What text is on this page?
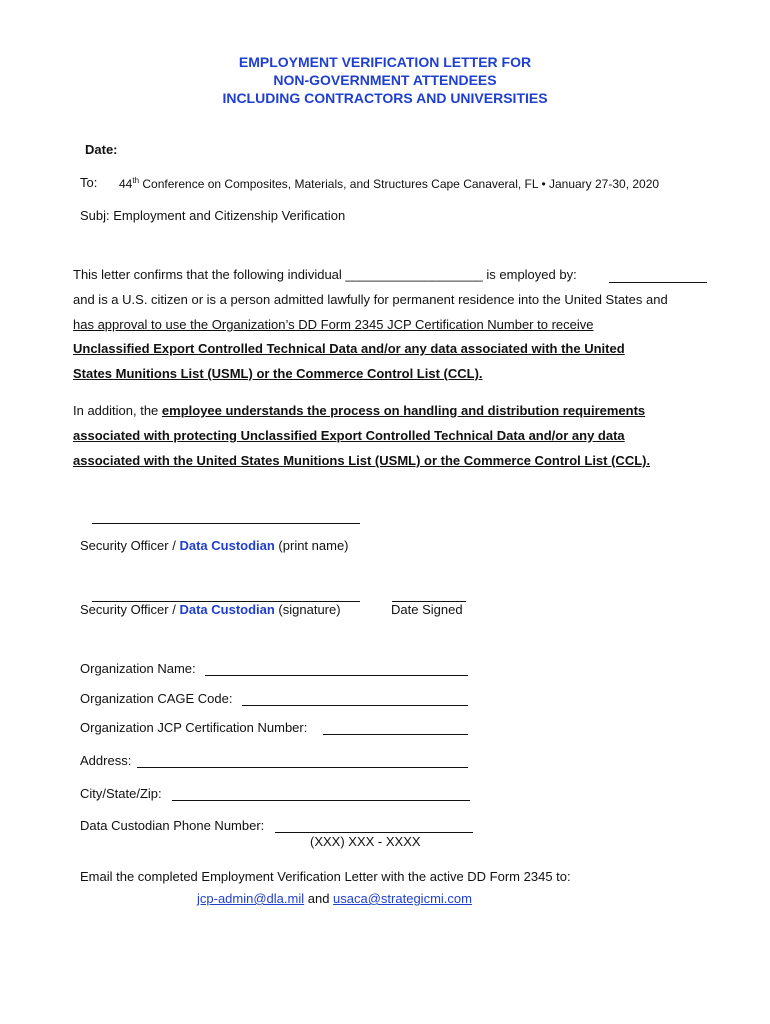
EMPLOYMENT VERIFICATION LETTER FOR
NON-GOVERNMENT ATTENDEES
INCLUDING CONTRACTORS AND UNIVERSITIES
Date:
To: 44th Conference on Composites, Materials, and Structures Cape Canaveral, FL • January 27-30, 2020
Subj: Employment and Citizenship Verification
This letter confirms that the following individual ___________________ is employed by:
and is a U.S. citizen or is a person admitted lawfully for permanent residence into the United States and
has approval to use the Organization’s DD Form 2345 JCP Certification Number to receive
Unclassified Export Controlled Technical Data and/or any data associated with the United
States Munitions List (USML) or the Commerce Control List (CCL).
In addition, the employee understands the process on handling and distribution requirements
associated with protecting Unclassified Export Controlled Technical Data and/or any data
associated with the United States Munitions List (USML) or the Commerce Control List (CCL).
Security Officer / Data Custodian (print name)
Security Officer / Data Custodian (signature)	Date Signed
Organization Name:
Organization CAGE Code:
Organization JCP Certification Number:
Address:
City/State/Zip:
Data Custodian Phone Number:
(XXX) XXX - XXXX
Email the completed Employment Verification Letter with the active DD Form 2345 to:
jcp-admin@dla.mil and usaca@strategicmi.com
